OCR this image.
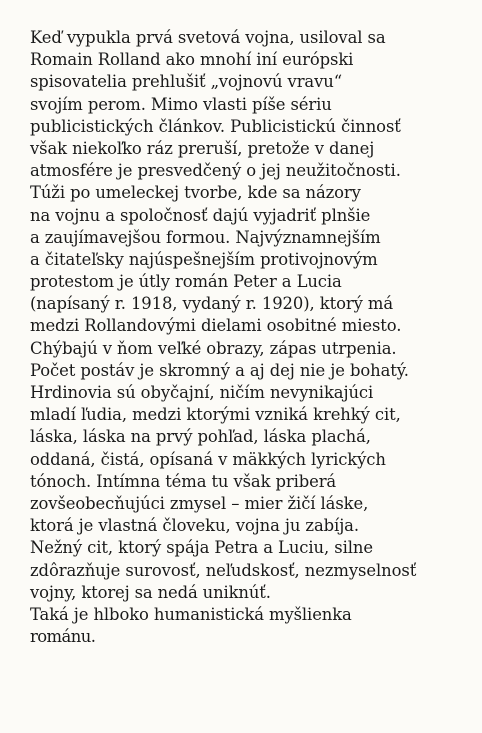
Keď vypukla prvá svetová vojna, usiloval sa
Romain Rolland ako mnohí iní európski
spisovatelia prehlušiť „vojnovú vravu“
svojím perom. Mimo vlasti píše sériu
publicistických článkov. Publicistickú činnosť
však niekoľko ráz preruší, pretože v danej
atmosfére je presvedčený o jej neužitočnosti.
Túži po umeleckej tvorbe, kde sa názory
na vojnu a spoločnosť dajú vyjadriť plnšie
a zaujímavejšou formou. Najvýznamnejším
a čitateľsky najúspešnejším protivojnovým
protestom je útly román Peter a Lucia
(napísaný r. 1918, vydaný r. 1920), ktorý má
medzi Rollandovými dielami osobitné miesto.
Chýbajú v ňom veľké obrazy, zápas utrpenia.
Počet postáv je skromný a aj dej nie je bohatý.
Hrdinovia sú obyčajní, ničím nevynikajúci
mladí ľudia, medzi ktorými vzniká krehký cit,
láska, láska na prvý pohľad, láska plachá,
oddaná, čistá, opísaná v mäkkých lyrických
tónoch. Intímna téma tu však priberá
zovšeobecňujúci zmysel – mier žičí láske,
ktorá je vlastná človeku, vojna ju zabíja.
Nežný cit, ktorý spája Petra a Luciu, silne
zdôrazňuje surovosť, neľudskosť, nezmyselnosť
vojny, ktorej sa nedá uniknúť.
Taká je hlboko humanistická myšlienka
románu.
